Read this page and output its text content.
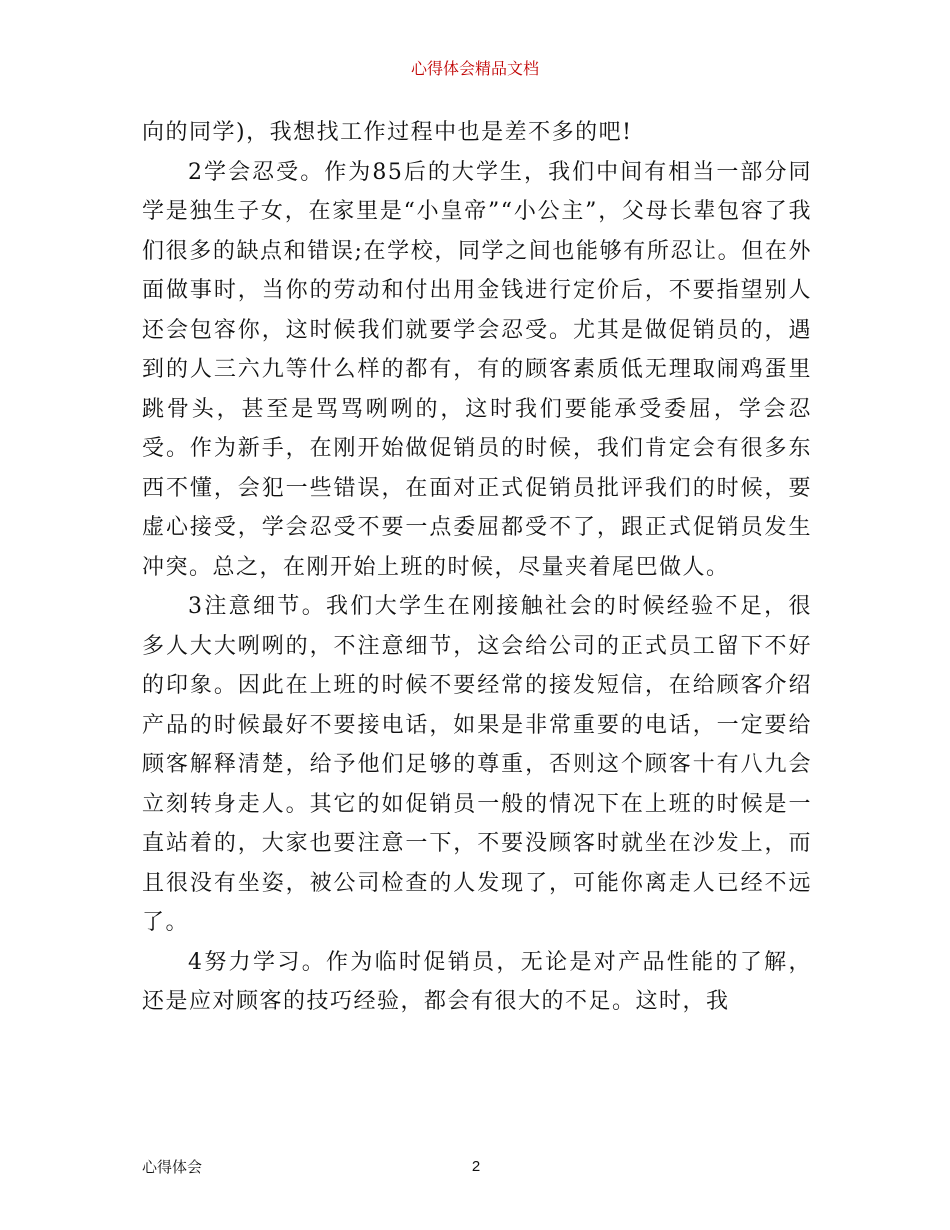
心得体会精品文档

向的同学)，我想找工作过程中也是差不多的吧!

2学会忍受。作为85后的大学生，我们中间有相当一部分同学是独生子女，在家里是“小皇帝”“小公主”，父母长辈包容了我们很多的缺点和错误;在学校，同学之间也能够有所忍让。但在外面做事时，当你的劳动和付出用金钱进行定价后，不要指望别人还会包容你，这时候我们就要学会忍受。尤其是做促销员的，遇到的人三六九等什么样的都有，有的顾客素质低无理取闹鸡蛋里跳骨头，甚至是骂骂咧咧的，这时我们要能承受委屈，学会忍受。作为新手，在刚开始做促销员的时候，我们肯定会有很多东西不懂，会犯一些错误，在面对正式促销员批评我们的时候，要虚心接受，学会忍受不要一点委屈都受不了，跟正式促销员发生冲突。总之，在刚开始上班的时候，尽量夹着尾巴做人。

3注意细节。我们大学生在刚接触社会的时候经验不足，很多人大大咧咧的，不注意细节，这会给公司的正式员工留下不好的印象。因此在上班的时候不要经常的接发短信，在给顾客介绍产品的时候最好不要接电话，如果是非常重要的电话，一定要给顾客解释清楚，给予他们足够的尊重，否则这个顾客十有八九会立刻转身走人。其它的如促销员一般的情况下在上班的时候是一直站着的，大家也要注意一下，不要没顾客时就坐在沙发上，而且很没有坐姿，被公司检查的人发现了，可能你离走人已经不远了。

4努力学习。作为临时促销员，无论是对产品性能的了解，还是应对顾客的技巧经验，都会有很大的不足。这时，我

心得体会	2
